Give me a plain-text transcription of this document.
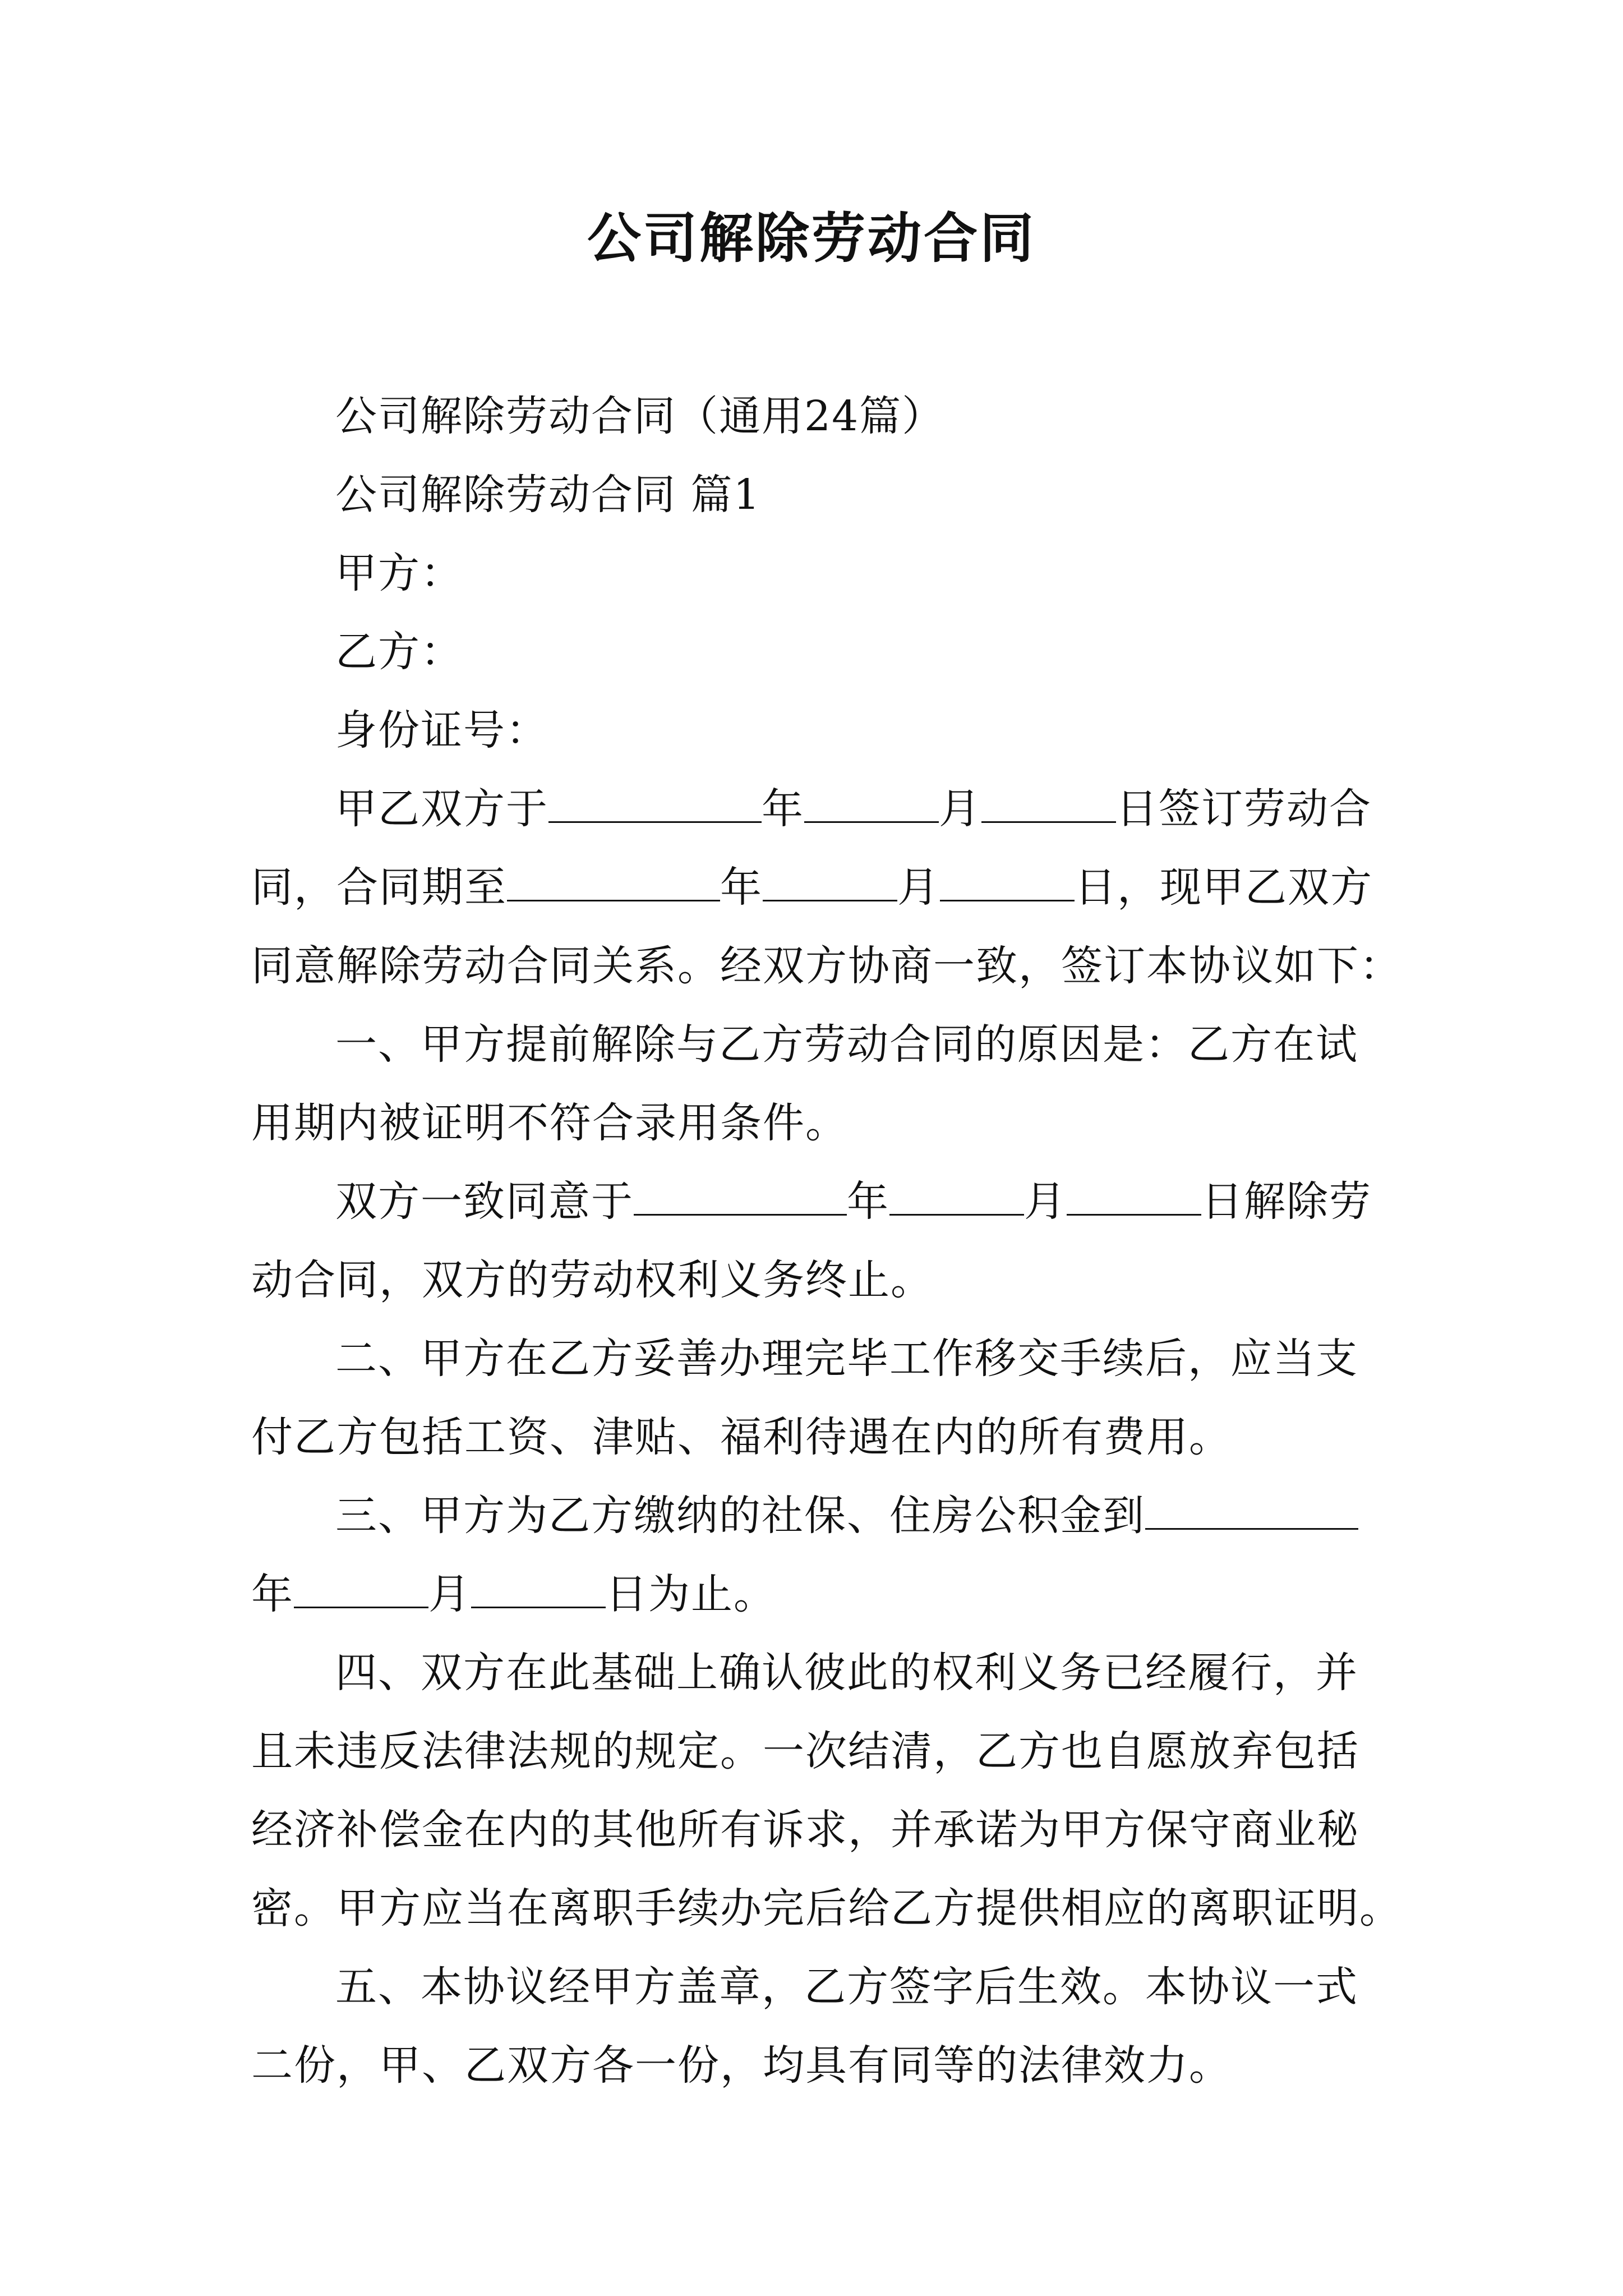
公司解除劳动合同
公司解除劳动合同（通用24篇）
公司解除劳动合同 篇1
甲方：
乙方：
身份证号：
甲乙双方于	年	月	日签订劳动合
同，合同期至	年	月	日，现甲乙双方
同意解除劳动合同关系。经双方协商一致，签订本协议如下：
一、甲方提前解除与乙方劳动合同的原因是：乙方在试
用期内被证明不符合录用条件。
双方一致同意于	年	月	日解除劳
动合同，双方的劳动权利义务终止。
二、甲方在乙方妥善办理完毕工作移交手续后，应当支
付乙方包括工资、津贴、福利待遇在内的所有费用。
三、甲方为乙方缴纳的社保、住房公积金到
年	月	日为止。
四、双方在此基础上确认彼此的权利义务已经履行，并
且未违反法律法规的规定。一次结清，乙方也自愿放弃包括
经济补偿金在内的其他所有诉求，并承诺为甲方保守商业秘
密。甲方应当在离职手续办完后给乙方提供相应的离职证明。
五、本协议经甲方盖章，乙方签字后生效。本协议一式
二份，甲、乙双方各一份，均具有同等的法律效力。
